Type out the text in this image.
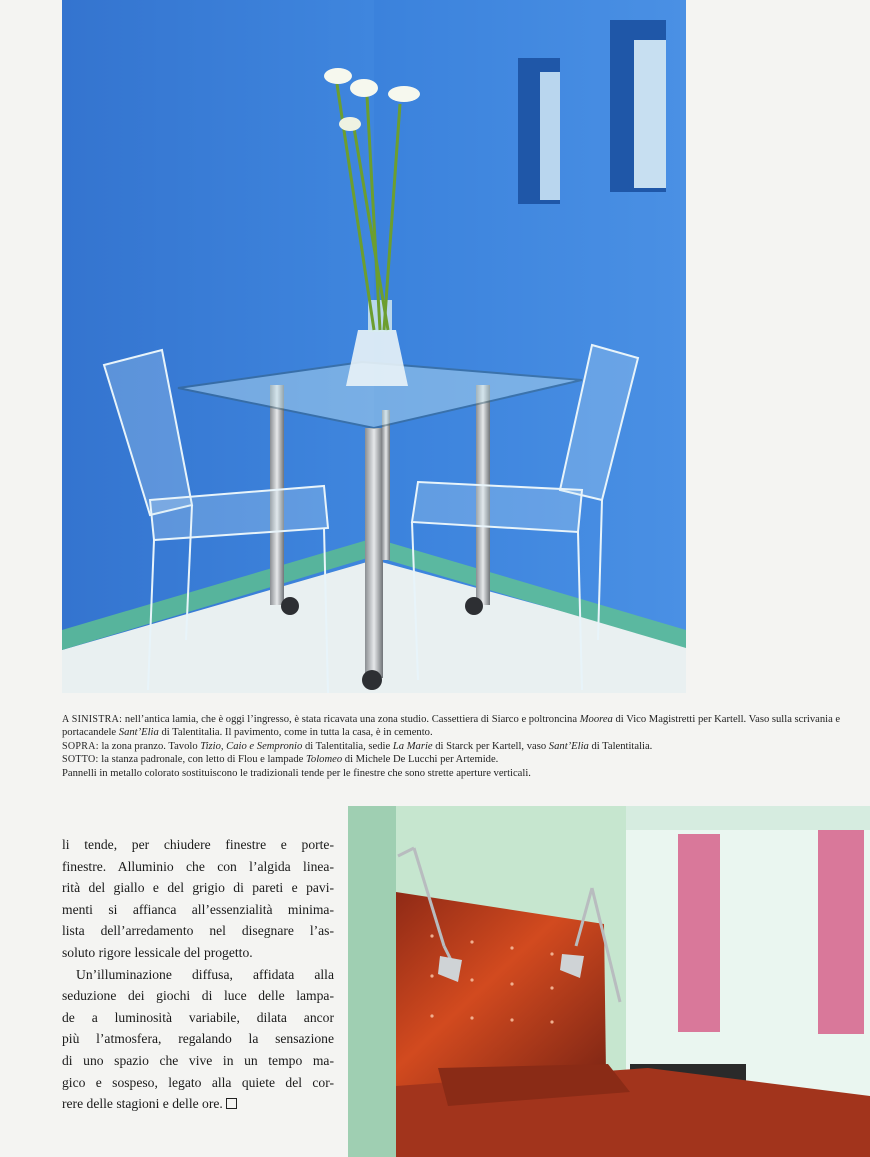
A SINISTRA: nell’antica lamia, che è oggi l’ingresso, è stata ricavata una zona studio. Cassettiera di Siarco e poltroncina Moorea di Vico Magistretti per Kartell. Vaso sulla scrivania e portacandele Sant’Elia di Talentitalia. Il pavimento, come in tutta la casa, è in cemento.

SOPRA: la zona pranzo. Tavolo Tizio, Caio e Sempronio di Talentitalia, sedie La Marie di Starck per Kartell, vaso Sant’Elia di Talentitalia.

SOTTO: la stanza padronale, con letto di Flou e lampade Tolomeo di Michele De Lucchi per Artemide.

Pannelli in metallo colorato sostituiscono le tradizionali tende per le finestre che sono strette aperture verticali.

li tende, per chiudere finestre e porte-
finestre. Alluminio che con l’algida linea-
rità del giallo e del grigio di pareti e pavi-
menti si affianca all’essenzialità minima-
lista dell’arredamento nel disegnare l’as-
soluto rigore lessicale del progetto.
Un’illuminazione diffusa, affidata alla
seduzione dei giochi di luce delle lampa-
de a luminosità variabile, dilata ancor
più l’atmosfera, regalando la sensazione
di uno spazio che vive in un tempo ma-
gico e sospeso, legato alla quiete del cor-
rere delle stagioni e delle ore.
